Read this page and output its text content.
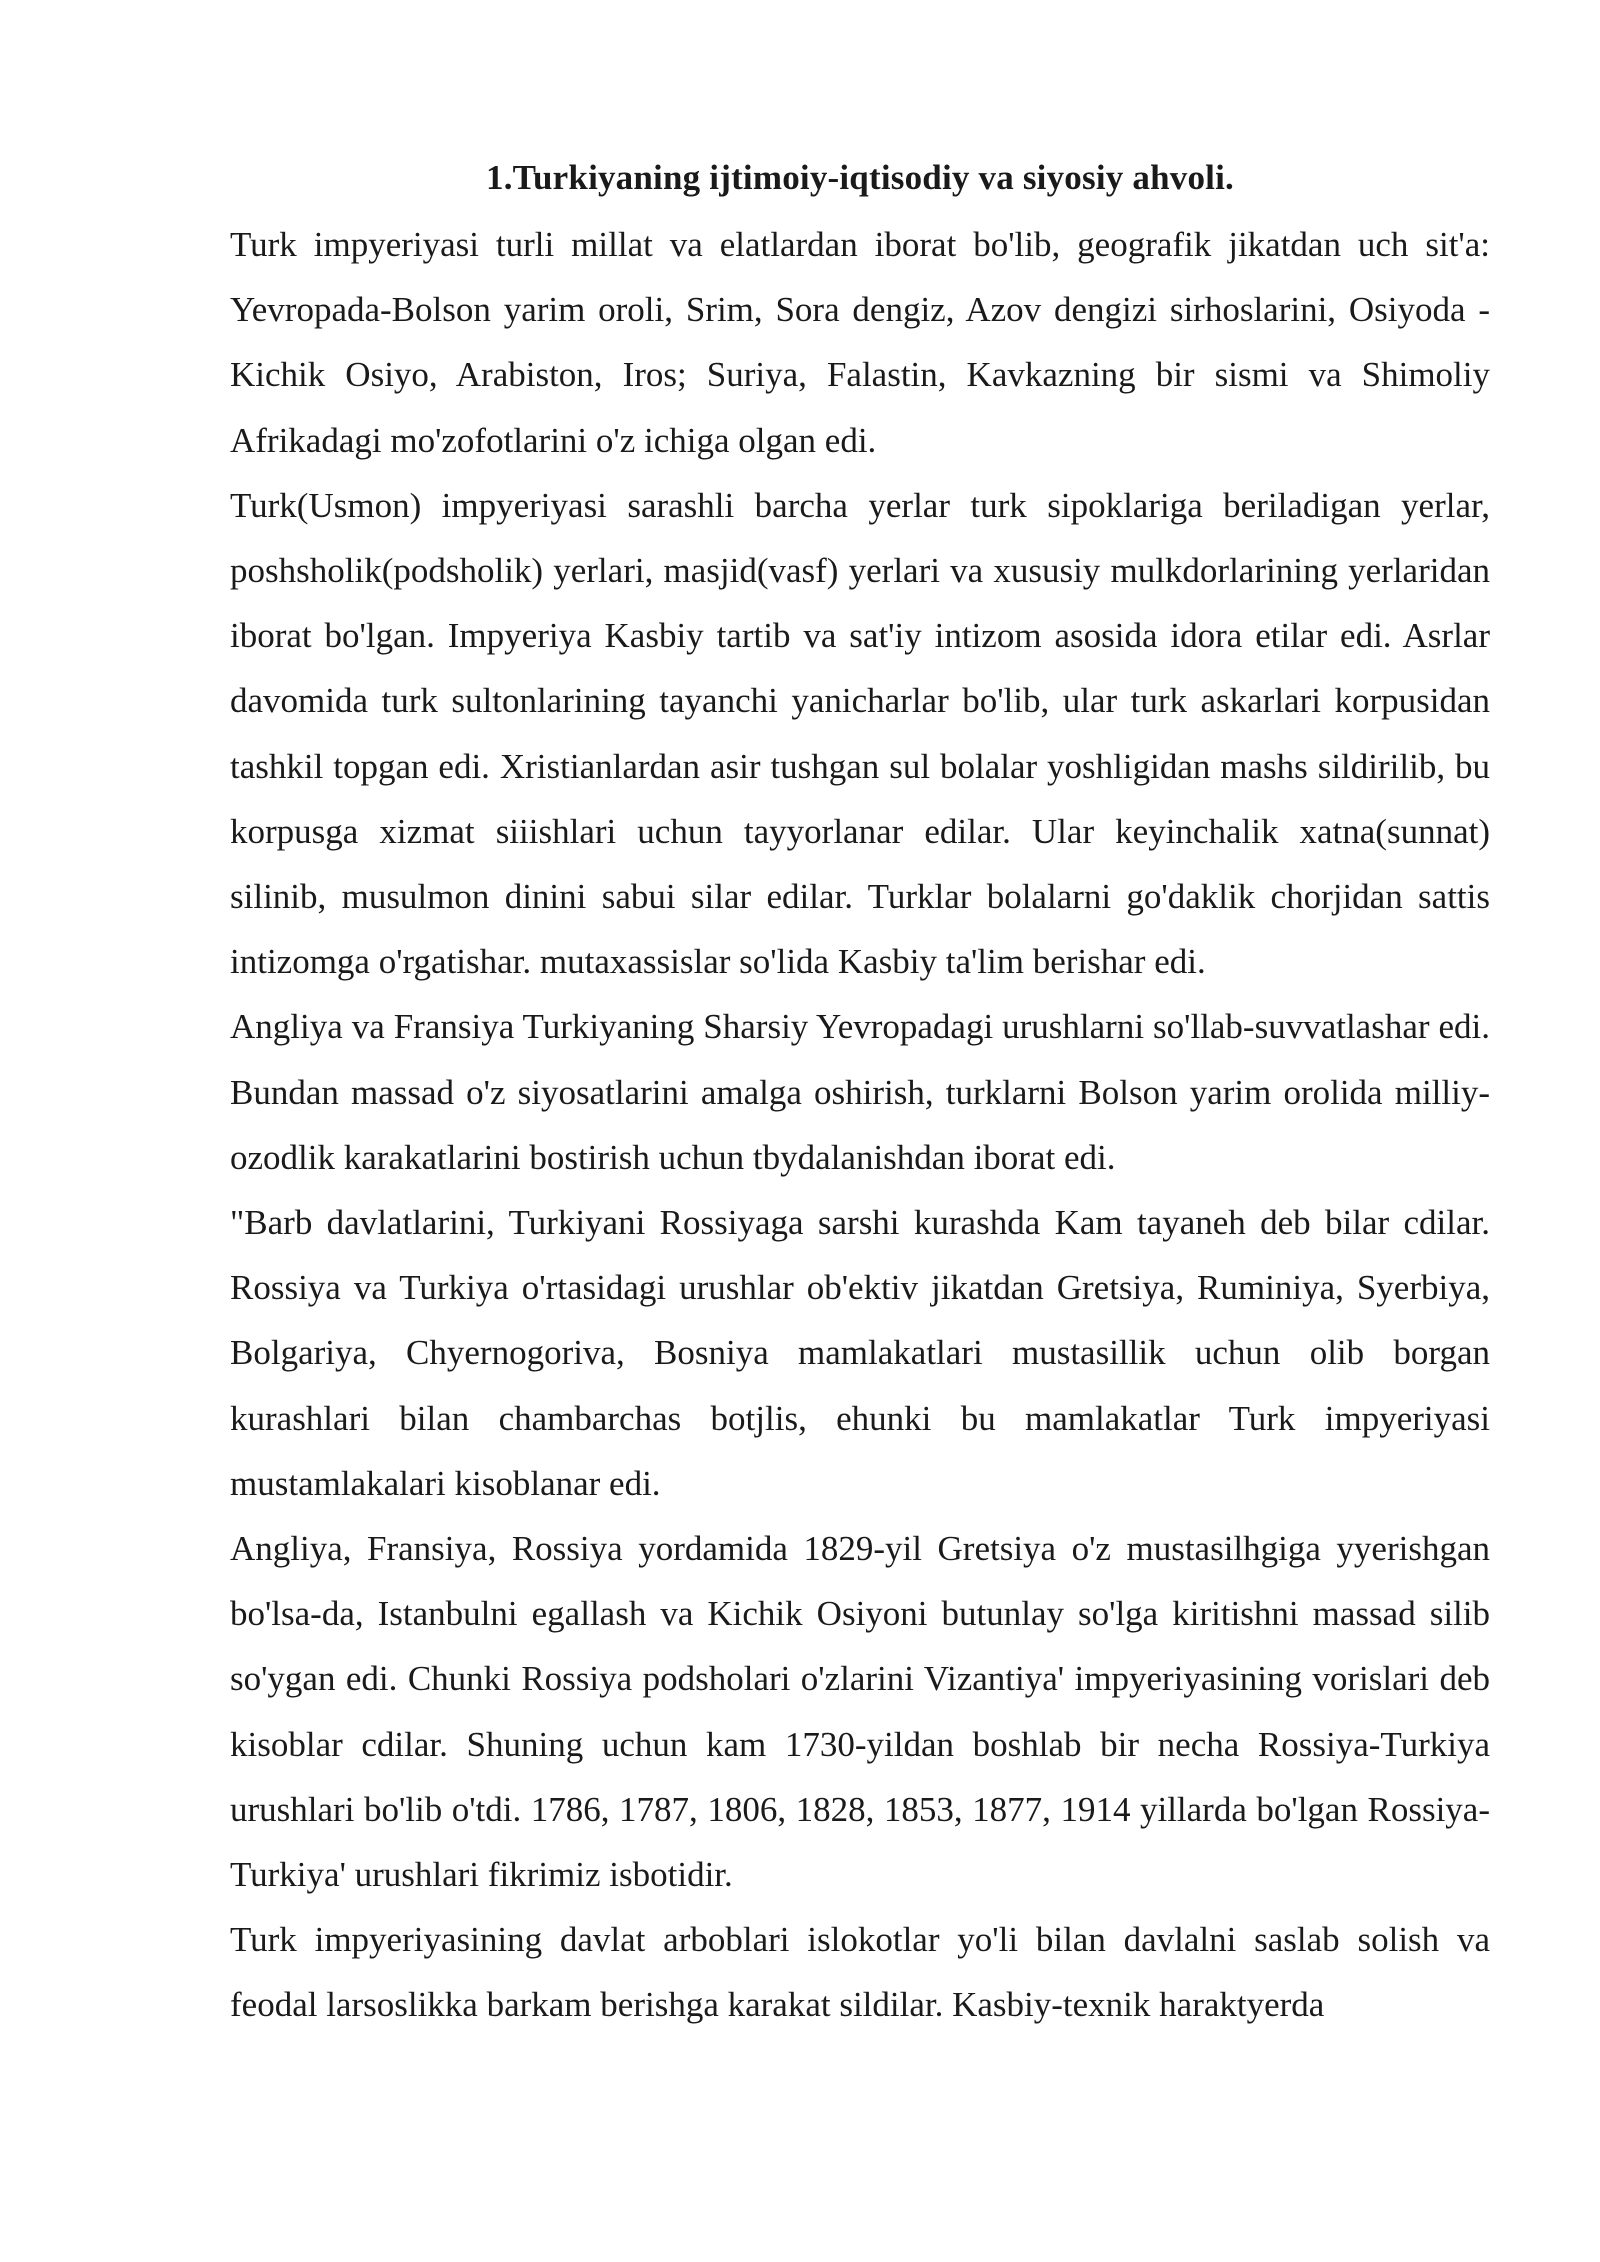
1.Turkiyaning ijtimoiy-iqtisodiy va siyosiy ahvoli.

Turk impyeriyasi turli millat va elatlardan iborat bo'lib, geografik jikatdan uch sit'a: Yevropada-Bolson yarim oroli, Srim, Sora dengiz, Azov dengizi sirhoslarini, Osiyoda -Kichik Osiyo, Arabiston, Iros; Suriya, Falastin, Kavkazning bir sismi va Shimoliy Afrikadagi mo'zofotlarini o'z ichiga olgan edi.

Turk(Usmon) impyeriyasi sarashli barcha yerlar turk sipoklariga beriladigan yerlar, poshsholik(podsholik) yerlari, masjid(vasf) yerlari va xususiy mulkdorlarining yerlaridan iborat bo'lgan. Impyeriya Kasbiy tartib va sat'iy intizom asosida idora etilar edi. Asrlar davomida turk sultonlarining tayanchi yanicharlar bo'lib, ular turk askarlari korpusidan tashkil topgan edi. Xristianlardan asir tushgan sul bolalar yoshligidan mashs sildirilib, bu korpusga xizmat siiishlari uchun tayyorlanar edilar. Ular keyinchalik xatna(sunnat) silinib, musulmon dinini sabui silar edilar. Turklar bolalarni go'daklik chorjidan sattis intizomga o'rgatishar. mutaxassislar so'lida Kasbiy ta'lim berishar edi.

Angliya va Fransiya Turkiyaning Sharsiy Yevropadagi urushlarni so'llab-suvvatlashar edi. Bundan massad o'z siyosatlarini amalga oshirish, turklarni Bolson yarim orolida milliy-ozodlik karakatlarini bostirish uchun tbydalanishdan iborat edi.

"Barb davlatlarini, Turkiyani Rossiyaga sarshi kurashda Kam tayaneh deb bilar cdilar. Rossiya va Turkiya o'rtasidagi urushlar ob'ektiv jikatdan Gretsiya, Ruminiya, Syerbiya, Bolgariya, Chyernogoriva, Bosniya mamlakatlari mustasillik uchun olib borgan kurashlari bilan chambarchas botjlis, ehunki bu mamlakatlar Turk impyeriyasi mustamlakalari kisoblanar edi.

Angliya, Fransiya, Rossiya yordamida 1829-yil Gretsiya o'z mustasilhgiga yyerishgan bo'lsa-da, Istanbulni egallash va Kichik Osiyoni butunlay so'lga kiritishni massad silib so'ygan edi. Chunki Rossiya podsholari o'zlarini Vizantiya' impyeriyasining vorislari deb kisoblar cdilar. Shuning uchun kam 1730-yildan boshlab bir necha Rossiya-Turkiya urushlari bo'lib o'tdi. 1786, 1787, 1806, 1828, 1853, 1877, 1914 yillarda bo'lgan Rossiya-Turkiya' urushlari fikrimiz isbotidir.

Turk impyeriyasining davlat arboblari islokotlar yo'li bilan davlalni saslab solish va feodal larsoslikka barkam berishga karakat sildilar. Kasbiy-texnik haraktyerda
